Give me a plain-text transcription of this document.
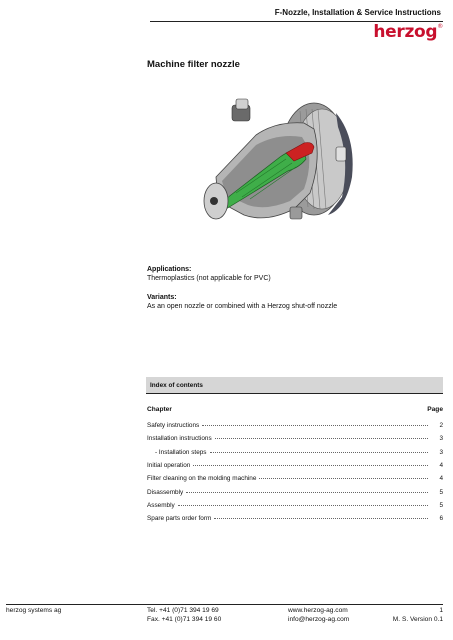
F-Nozzle, Installation & Service Instructions
herzog®
Machine filter nozzle
Applications:
Thermoplastics (not applicable for PVC)
Variants:
As an open nozzle or combined with a Herzog shut-off nozzle
Index of contents
Chapter	Page
Safety instructions	2
Installation instructions	3
- Installation steps	3
Initial operation	4
Filter cleaning on the molding machine	4
Disassembly	5
Assembly	5
Spare parts order form	6
herzog systems ag	Tel. +41 (0)71 394 19 69
Fax. +41 (0)71 394 19 60
www.herzog-ag.com
info@herzog-ag.com
1
M. S. Version 0.1
